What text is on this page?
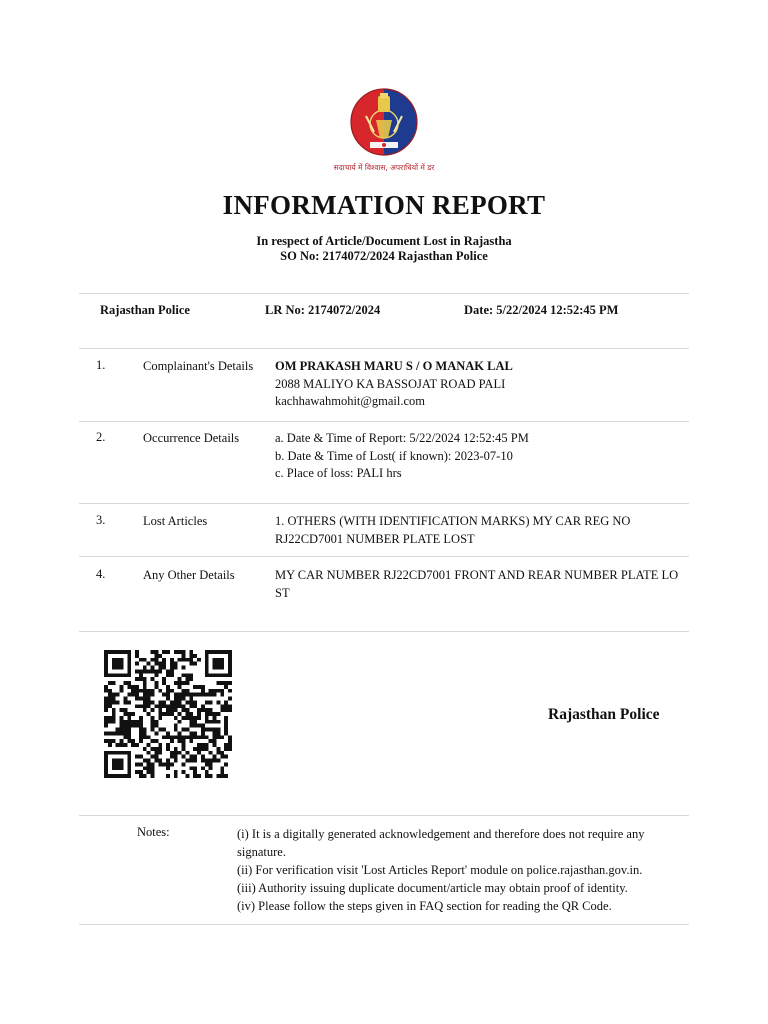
सदाचार्य में विश्वास, अपराधियों में डर
INFORMATION REPORT
In respect of Article/Document Lost in Rajastha
SO No: 2174072/2024 Rajasthan Police
Rajasthan Police	LR No: 2174072/2024	Date: 5/22/2024 12:52:45 PM
1.	Complainant's Details	OM PRAKASH MARU S / O MANAK LAL
2088 MALIYO KA BASSOJAT ROAD PALI
kachhawahmohit@gmail.com
2.	Occurrence Details	a. Date & Time of Report: 5/22/2024 12:52:45 PM
b. Date & Time of Lost( if known): 2023-07-10
c. Place of loss: PALI hrs
3.	Lost Articles	1. OTHERS (WITH IDENTIFICATION MARKS) MY CAR REG NO
RJ22CD7001 NUMBER PLATE LOST
4.	Any Other Details	MY CAR NUMBER RJ22CD7001 FRONT AND REAR NUMBER PLATE LO
ST
Rajasthan Police
Notes:	(i) It is a digitally generated acknowledgement and therefore does not require any
signature.
(ii) For verification visit 'Lost Articles Report' module on police.rajasthan.gov.in.
(iii) Authority issuing duplicate document/article may obtain proof of identity.
(iv) Please follow the steps given in FAQ section for reading the QR Code.
